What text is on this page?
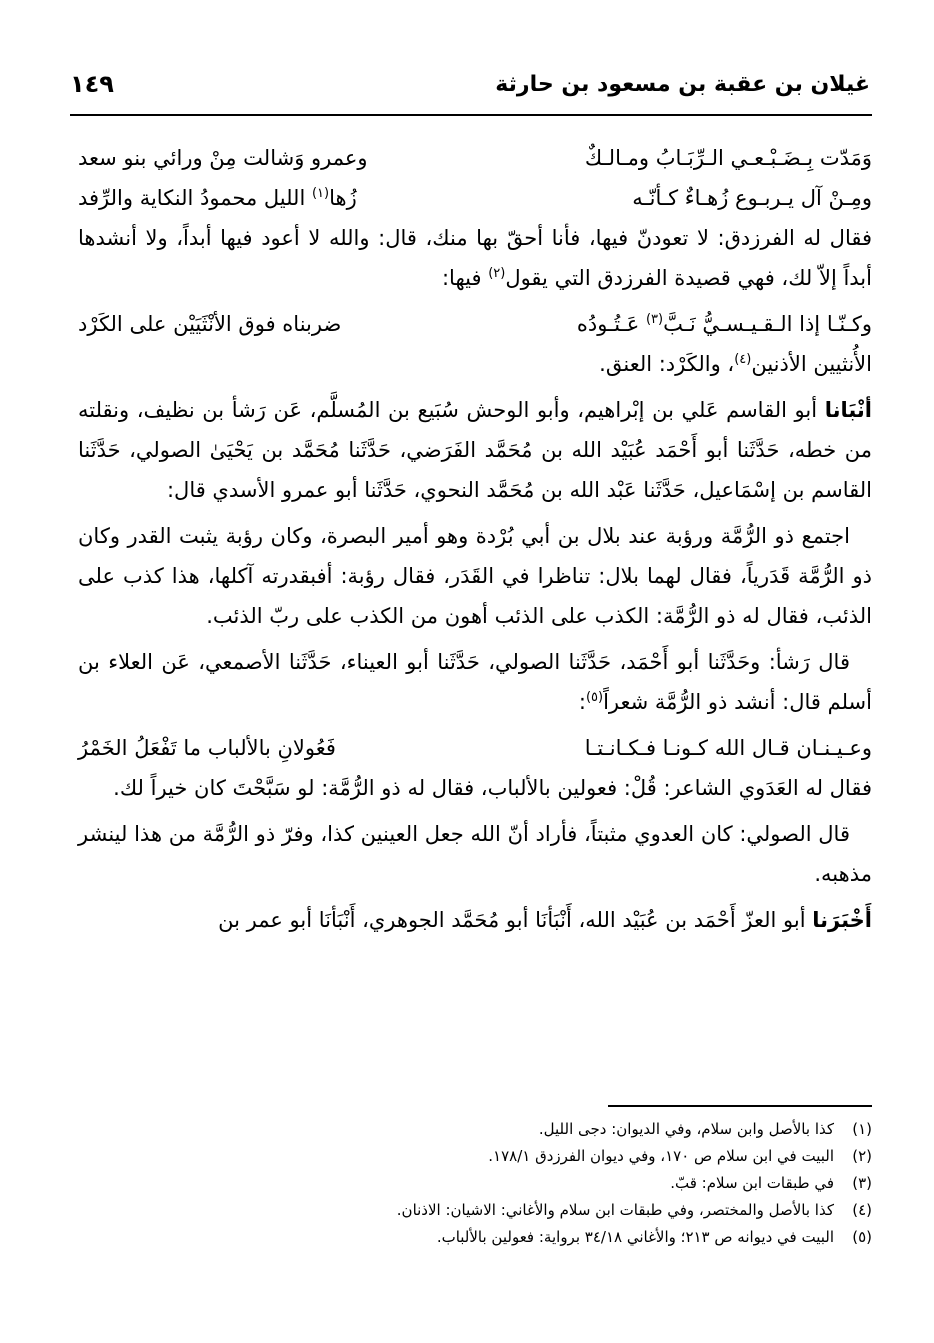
غيلان بن عقبة بن مسعود بن حارثة
١٤٩
وَمَدّت بِـضَـبْـعـي الـرِّبَـابُ ومـالـكٌ
وعمرو وَشالت مِنْ ورائي بنو سعد
ومِـنْ آل يـربـوع زُهـاءٌ كـأنّـه
زُها$^{(١)}$ الليل محمودُ النكاية والرِّفد

فقال له الفرزدق: لا تعودنّ فيها، فأنا أحقّ بها منك، قال: والله لا أعود فيها أبداً، ولا أنشدها أبداً إلاّ لك، فهي قصيدة الفرزدق التي يقول$^{(٢)}$ فيها:

وكـنّـا إذا الـقـيـسـيُّ نَـبَّ$^{(٣)}$ عَـتُـودُه
ضربناه فوق الأنْثَيَيْن على الكَرْد

الأُنثيين الأذنين$^{(٤)}$، والكَرْد: العنق.

أنْبَانا أبو القاسم عَلي بن إبْراهيم، وأبو الوحش سُبَيع بن المُسلَّم، عَن رَشأ بن نظيف، ونقلته من خطه، حَدَّثَنا أبو أَحْمَد عُبَيْد الله بن مُحَمَّد الفَرَضي، حَدَّثَنا مُحَمَّد بن يَحْيَىٰ الصولي، حَدَّثَنا القاسم بن إسْمَاعيل، حَدَّثَنا عَبْد الله بن مُحَمَّد النحوي، حَدَّثَنا أبو عمرو الأسدي قال:

اجتمع ذو الرُّمَّة ورؤبة عند بلال بن أبي بُرْدة وهو أمير البصرة، وكان رؤبة يثبت القدر وكان ذو الرُّمَّة قَدَرياً، فقال لهما بلال: تناظرا في القَدَر، فقال رؤبة: أفبقدرته آكلها، هذا كذب على الذئب، فقال له ذو الرُّمَّة: الكذب على الذئب أهون من الكذب على ربّ الذئب.

قال رَشأ: وحَدَّثَنا أبو أَحْمَد، حَدَّثَنا الصولي، حَدَّثَنا أبو العيناء، حَدَّثَنا الأصمعي، عَن العلاء بن أسلم قال: أنشد ذو الرُّمَّة شعراً$^{(٥)}$:

وعـيـنـان قـال الله كـونـا فـكـانـتـا
فَعُولانِ بالألباب ما تَفْعَلُ الخَمْرُ

فقال له العَدَوي الشاعر: قُلْ: فعولين بالألباب، فقال له ذو الرُّمَّة: لو سَبَّحْتَ كان خيراً لك.

قال الصولي: كان العدوي مثبتاً، فأراد أنّ الله جعل العينين كذا، وفرّ ذو الرُّمَّة من هذا لينشر مذهبه.

أَخْبَرَنا أبو العزّ أَحْمَد بن عُبَيْد الله، أَنْبَأنَا أبو مُحَمَّد الجوهري، أَنْبَأنَا أبو عمر بن

(١)كذا بالأصل وابن سلام، وفي الديوان: دجى الليل.
(٢)البيت في ابن سلام ص ١٧٠، وفي ديوان الفرزدق ١٧٨/١.
(٣)في طبقات ابن سلام: قبّ.
(٤)كذا بالأصل والمختصر، وفي طبقات ابن سلام والأغاني: الاشيان: الاذنان.
(٥)البيت في ديوانه ص ٢١٣؛ والأغاني ٣٤/١٨ برواية: فعولين بالألباب.
